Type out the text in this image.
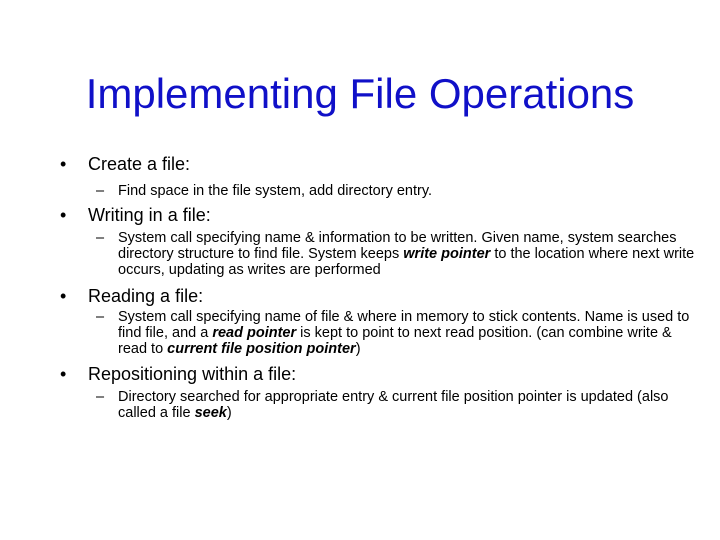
Implementing File Operations
• Create a file:
– Find space in the file system, add directory entry.
• Writing in a file:
– System call specifying name & information to be written. Given name, system searches directory structure to find file. System keeps write pointer to the location where next write occurs, updating as writes are performed
• Reading a file:
– System call specifying name of file & where in memory to stick contents. Name is used to find file, and a read pointer is kept to point to next read position. (can combine write & read to current file position pointer)
• Repositioning within a file:
– Directory searched for appropriate entry & current file position pointer is updated (also called a file seek)
